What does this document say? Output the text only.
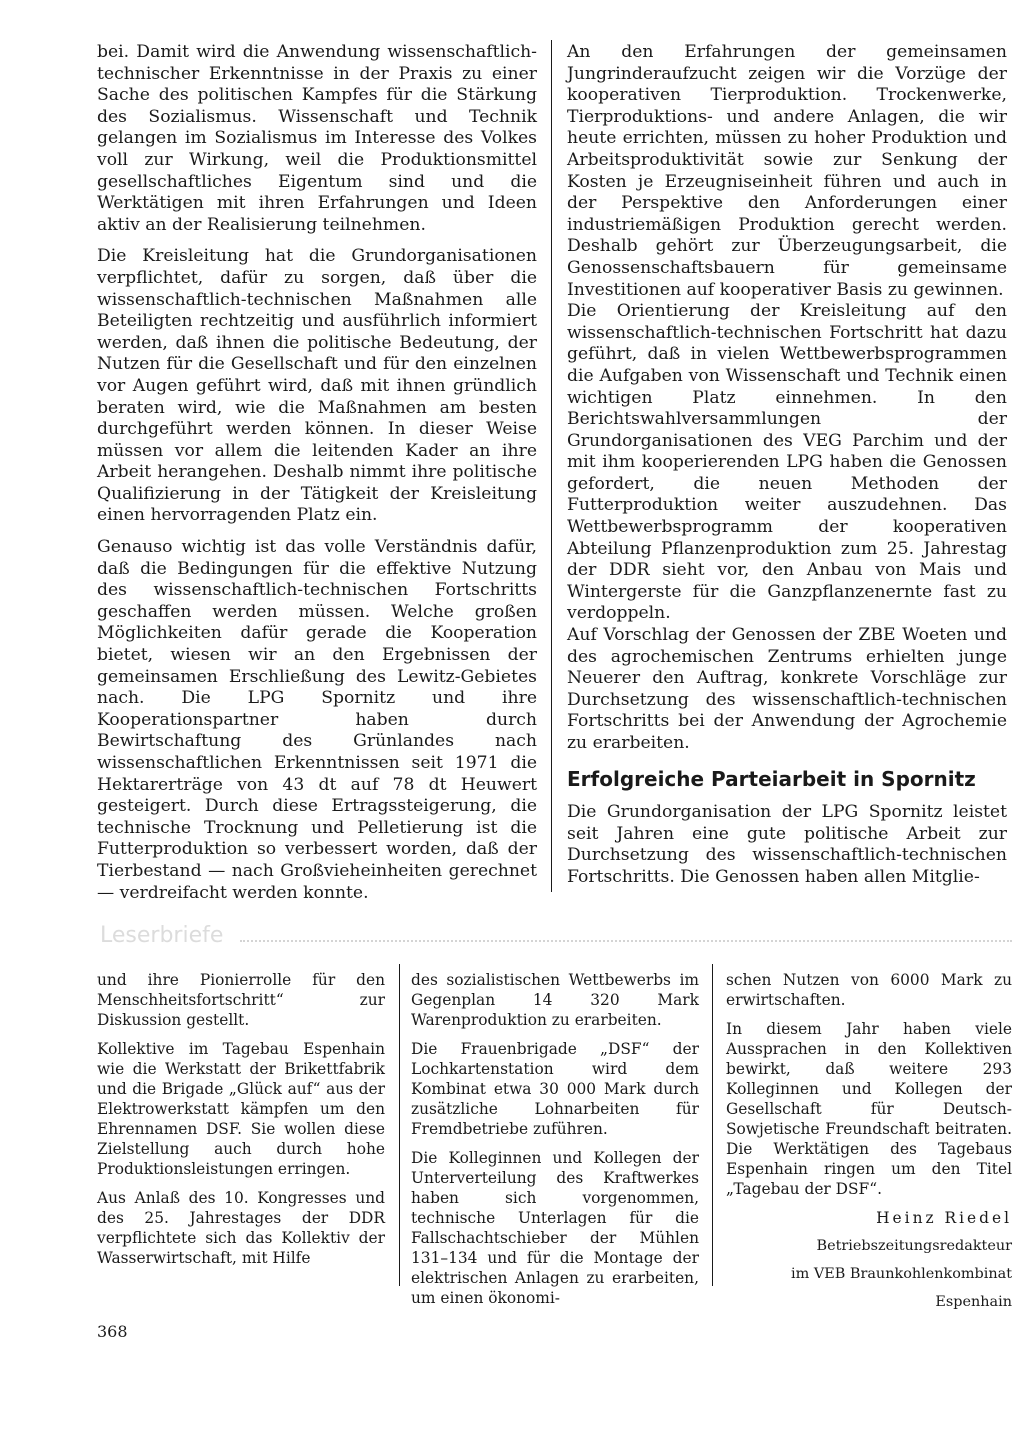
bei. Damit wird die Anwendung wissenschaftlich-technischer Erkenntnisse in der Praxis zu einer Sache des politischen Kampfes für die Stärkung des Sozialismus. Wissenschaft und Technik gelangen im Sozialismus im Interesse des Volkes voll zur Wirkung, weil die Produktionsmittel gesellschaftliches Eigentum sind und die Werktätigen mit ihren Erfahrungen und Ideen aktiv an der Realisierung teilnehmen.

Die Kreisleitung hat die Grundorganisationen verpflichtet, dafür zu sorgen, daß über die wissenschaftlich-technischen Maßnahmen alle Beteiligten rechtzeitig und ausführlich informiert werden, daß ihnen die politische Bedeutung, der Nutzen für die Gesellschaft und für den einzelnen vor Augen geführt wird, daß mit ihnen gründlich beraten wird, wie die Maßnahmen am besten durchgeführt werden können. In dieser Weise müssen vor allem die leitenden Kader an ihre Arbeit herangehen. Deshalb nimmt ihre politische Qualifizierung in der Tätigkeit der Kreisleitung einen hervorragenden Platz ein.

Genauso wichtig ist das volle Verständnis dafür, daß die Bedingungen für die effektive Nutzung des wissenschaftlich-technischen Fortschritts geschaffen werden müssen. Welche großen Möglichkeiten dafür gerade die Kooperation bietet, wiesen wir an den Ergebnissen der gemeinsamen Erschließung des Lewitz-Gebietes nach. Die LPG Spornitz und ihre Kooperationspartner haben durch Bewirtschaftung des Grünlandes nach wissenschaftlichen Erkenntnissen seit 1971 die Hektarerträge von 43 dt auf 78 dt Heuwert gesteigert. Durch diese Ertragssteigerung, die technische Trocknung und Pelletierung ist die Futterproduktion so verbessert worden, daß der Tierbestand — nach Großvieheinheiten gerechnet — verdreifacht werden konnte.

An den Erfahrungen der gemeinsamen Jungrinderaufzucht zeigen wir die Vorzüge der kooperativen Tierproduktion. Trockenwerke, Tierproduktions- und andere Anlagen, die wir heute errichten, müssen zu hoher Produktion und Arbeitsproduktivität sowie zur Senkung der Kosten je Erzeugniseinheit führen und auch in der Perspektive den Anforderungen einer industriemäßigen Produktion gerecht werden. Deshalb gehört zur Überzeugungsarbeit, die Genossenschaftsbauern für gemeinsame Investitionen auf kooperativer Basis zu gewinnen.

Die Orientierung der Kreisleitung auf den wissenschaftlich-technischen Fortschritt hat dazu geführt, daß in vielen Wettbewerbsprogrammen die Aufgaben von Wissenschaft und Technik einen wichtigen Platz einnehmen. In den Berichtswahlversammlungen der Grundorganisationen des VEG Parchim und der mit ihm kooperierenden LPG haben die Genossen gefordert, die neuen Methoden der Futterproduktion weiter auszudehnen. Das Wettbewerbsprogramm der kooperativen Abteilung Pflanzenproduktion zum 25. Jahrestag der DDR sieht vor, den Anbau von Mais und Wintergerste für die Ganzpflanzenernte fast zu verdoppeln.

Auf Vorschlag der Genossen der ZBE Woeten und des agrochemischen Zentrums erhielten junge Neuerer den Auftrag, konkrete Vorschläge zur Durchsetzung des wissenschaftlich-technischen Fortschritts bei der Anwendung der Agrochemie zu erarbeiten.

Erfolgreiche Parteiarbeit in Spornitz

Die Grundorganisation der LPG Spornitz leistet seit Jahren eine gute politische Arbeit zur Durchsetzung des wissenschaftlich-technischen Fortschritts. Die Genossen haben allen Mitglie-

Leserbriefe

und ihre Pionierrolle für den Menschheitsfortschritt“ zur Diskussion gestellt.

Kollektive im Tagebau Espenhain wie die Werkstatt der Brikettfabrik und die Brigade „Glück auf“ aus der Elektrowerkstatt kämpfen um den Ehrennamen DSF. Sie wollen diese Zielstellung auch durch hohe Produktionsleistungen erringen.

Aus Anlaß des 10. Kongresses und des 25. Jahrestages der DDR verpflichtete sich das Kollektiv der Wasserwirtschaft, mit Hilfe

des sozialistischen Wettbewerbs im Gegenplan 14 320 Mark Warenproduktion zu erarbeiten.

Die Frauenbrigade „DSF“ der Lochkartenstation wird dem Kombinat etwa 30 000 Mark durch zusätzliche Lohnarbeiten für Fremdbetriebe zuführen.

Die Kolleginnen und Kollegen der Unterverteilung des Kraftwerkes haben sich vorgenommen, technische Unterlagen für die Fallschachtschieber der Mühlen 131–134 und für die Montage der elektrischen Anlagen zu erarbeiten, um einen ökonomi-

schen Nutzen von 6000 Mark zu erwirtschaften.

In diesem Jahr haben viele Aussprachen in den Kollektiven bewirkt, daß weitere 293 Kolleginnen und Kollegen der Gesellschaft für Deutsch-Sowjetische Freundschaft beitraten. Die Werktätigen des Tagebaus Espenhain ringen um den Titel „Tagebau der DSF“.

Heinz Riedel

Betriebszeitungsredakteur

im VEB Braunkohlenkombinat

Espenhain

368
